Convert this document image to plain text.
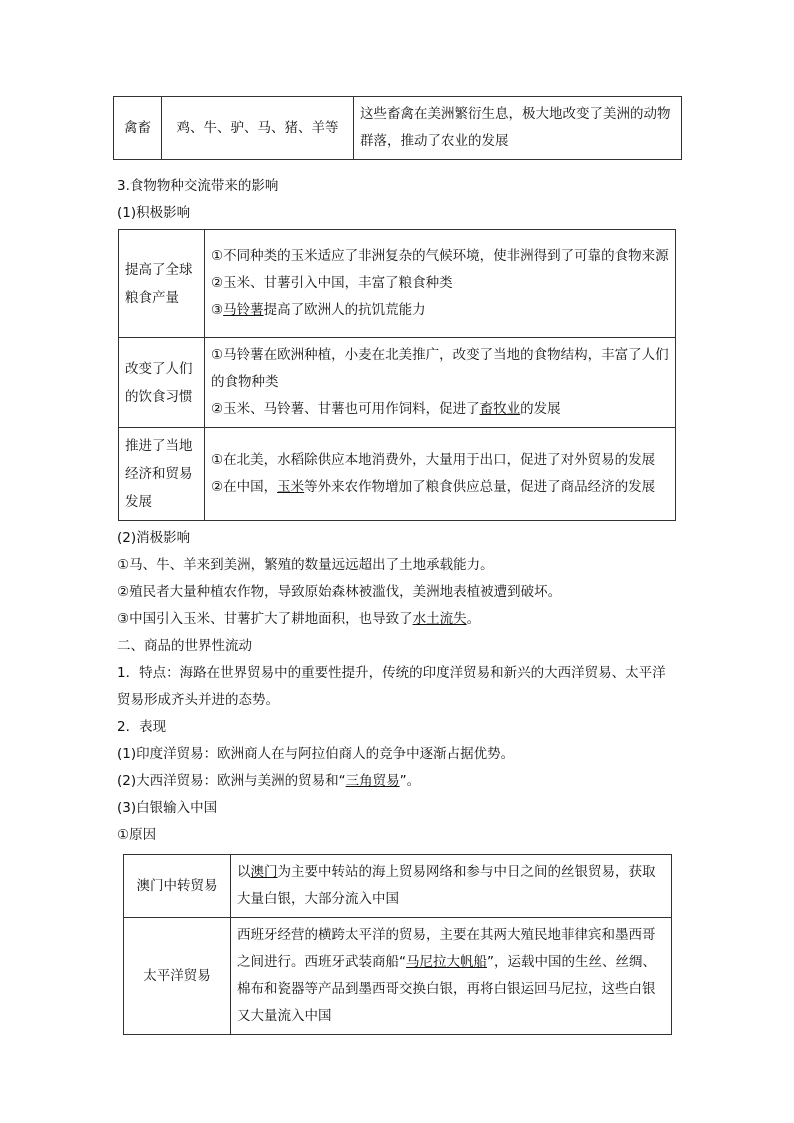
禽畜	鸡、牛、驴、马、猪、羊等	这些畜禽在美洲繁衍生息，极大地改变了美洲的动物群落，推动了农业的发展
3.食物物种交流带来的影响
(1)积极影响
提高了全球粮食产量	①不同种类的玉米适应了非洲复杂的气候环境，使非洲得到了可靠的食物来源
②玉米、甘薯引入中国，丰富了粮食种类
③马铃薯提高了欧洲人的抗饥荒能力

改变了人们的饮食习惯	①马铃薯在欧洲种植，小麦在北美推广，改变了当地的食物结构，丰富了人们的食物种类
②玉米、马铃薯、甘薯也可用作饲料，促进了畜牧业的发展

推进了当地经济和贸易发展	①在北美，水稻除供应本地消费外，大量用于出口，促进了对外贸易的发展
②在中国，玉米等外来农作物增加了粮食供应总量，促进了商品经济的发展
(2)消极影响
①马、牛、羊来到美洲，繁殖的数量远远超出了土地承载能力。
②殖民者大量种植农作物，导致原始森林被滥伐，美洲地表植被遭到破坏。
③中国引入玉米、甘薯扩大了耕地面积，也导致了水土流失。
二、商品的世界性流动
1．特点：海路在世界贸易中的重要性提升，传统的印度洋贸易和新兴的大西洋贸易、太平洋
贸易形成齐头并进的态势。
2．表现
(1)印度洋贸易：欧洲商人在与阿拉伯商人的竞争中逐渐占据优势。
(2)大西洋贸易：欧洲与美洲的贸易和“三角贸易”。
(3)白银输入中国
①原因
澳门中转贸易	以澳门为主要中转站的海上贸易网络和参与中日之间的丝银贸易，获取大量白银，大部分流入中国
太平洋贸易	西班牙经营的横跨太平洋的贸易，主要在其两大殖民地菲律宾和墨西哥之间进行。西班牙武装商船“马尼拉大帆船”，运载中国的生丝、丝绸、棉布和瓷器等产品到墨西哥交换白银，再将白银运回马尼拉，这些白银又大量流入中国
